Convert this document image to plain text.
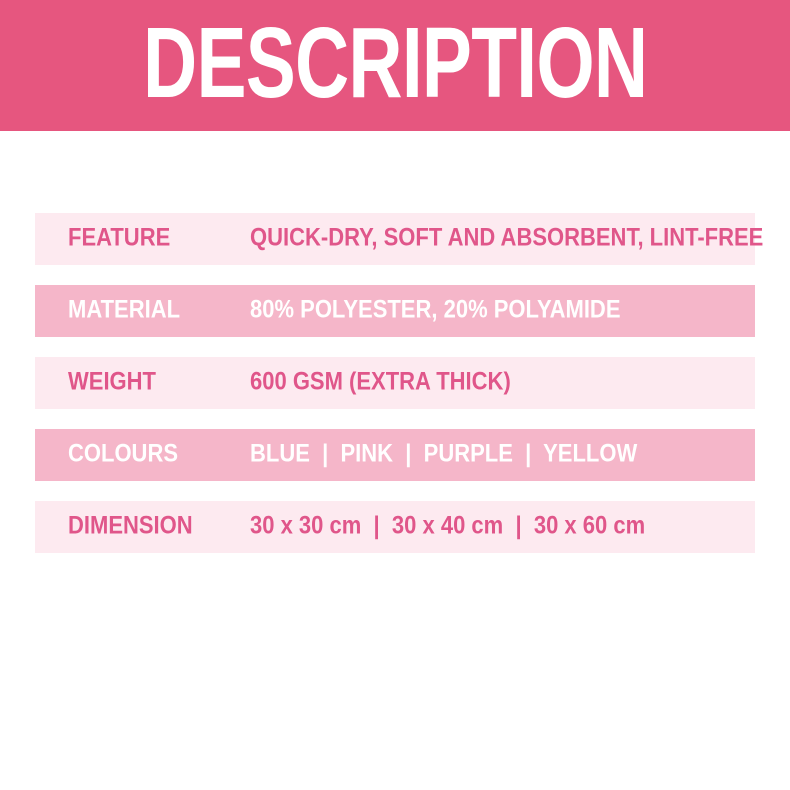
DESCRIPTION
FEATURE	QUICK-DRY, SOFT AND ABSORBENT, LINT-FREE
MATERIAL	80% POLYESTER, 20% POLYAMIDE
WEIGHT	600 GSM (EXTRA THICK)
COLOURS	BLUE  |  PINK  |  PURPLE  |  YELLOW
DIMENSION 30 x 30 cm  |  30 x 40 cm  |  30 x 60 cm
